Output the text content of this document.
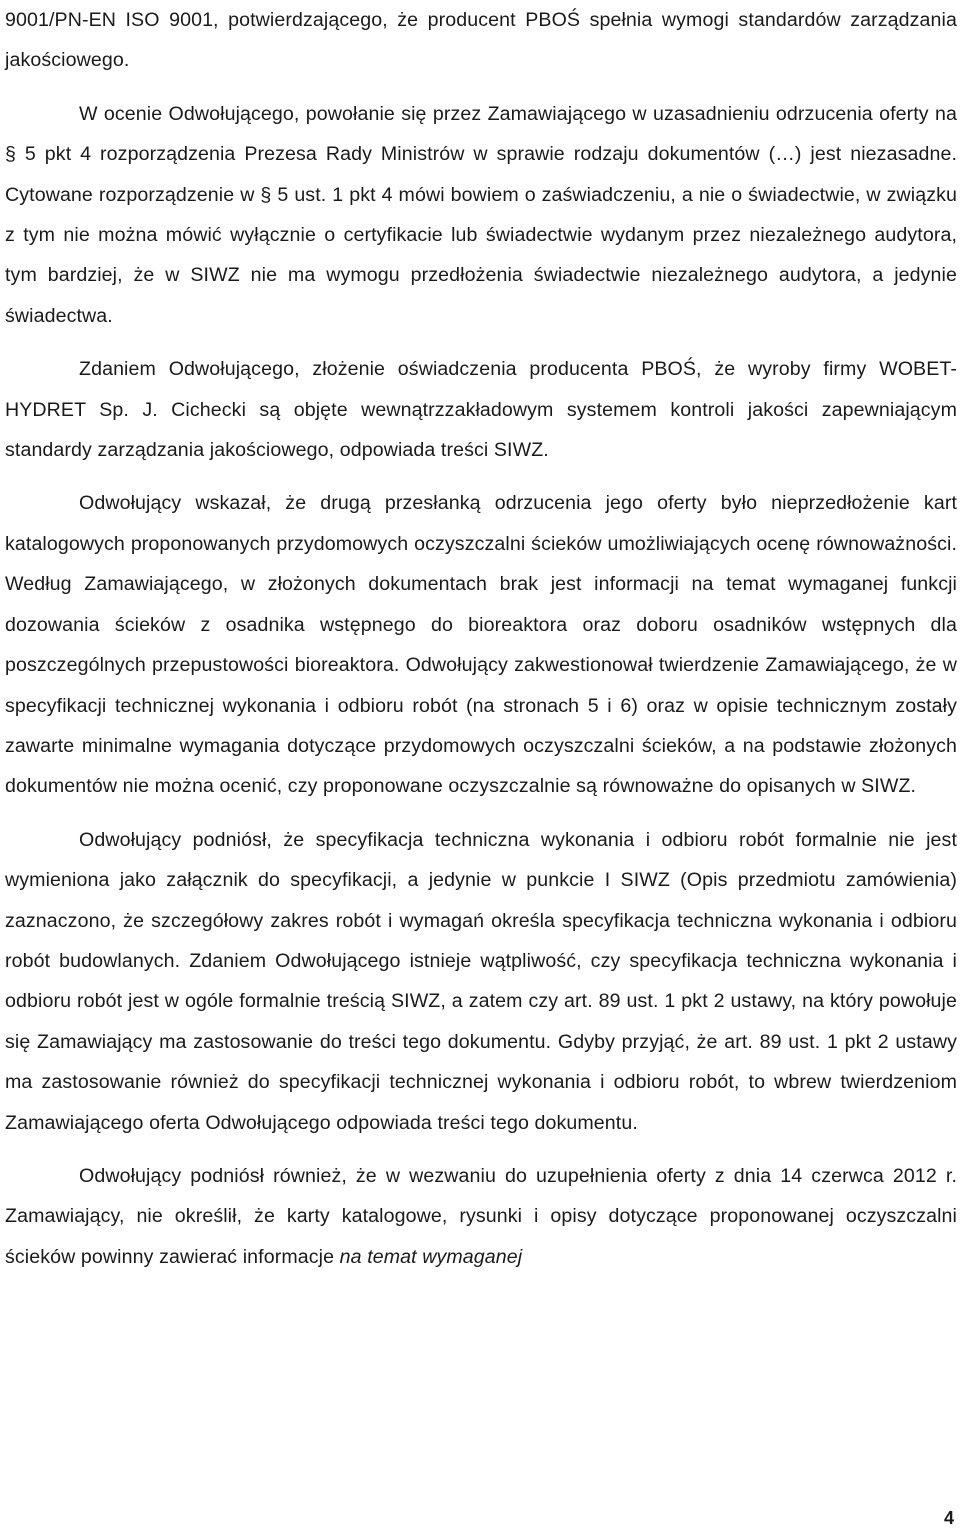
9001/PN-EN ISO 9001, potwierdzającego, że producent PBOŚ spełnia wymogi standardów zarządzania jakościowego.

W ocenie Odwołującego, powołanie się przez Zamawiającego w uzasadnieniu odrzucenia oferty na § 5 pkt 4 rozporządzenia Prezesa Rady Ministrów w sprawie rodzaju dokumentów (…) jest niezasadne. Cytowane rozporządzenie w § 5 ust. 1 pkt 4 mówi bowiem o zaświadczeniu, a nie o świadectwie, w związku z tym nie można mówić wyłącznie o certyfikacie lub świadectwie wydanym przez niezależnego audytora, tym bardziej, że w SIWZ nie ma wymogu przedłożenia świadectwie niezależnego audytora, a jedynie świadectwa.

Zdaniem Odwołującego, złożenie oświadczenia producenta PBOŚ, że wyroby firmy WOBET-HYDRET Sp. J. Cichecki są objęte wewnątrzzakładowym systemem kontroli jakości zapewniającym standardy zarządzania jakościowego, odpowiada treści SIWZ.

Odwołujący wskazał, że drugą przesłanką odrzucenia jego oferty było nieprzedłożenie kart katalogowych proponowanych przydomowych oczyszczalni ścieków umożliwiających ocenę równoważności. Według Zamawiającego, w złożonych dokumentach brak jest informacji na temat wymaganej funkcji dozowania ścieków z osadnika wstępnego do bioreaktora oraz doboru osadników wstępnych dla poszczególnych przepustowości bioreaktora. Odwołujący zakwestionował twierdzenie Zamawiającego, że w specyfikacji technicznej wykonania i odbioru robót (na stronach 5 i 6) oraz w opisie technicznym zostały zawarte minimalne wymagania dotyczące przydomowych oczyszczalni ścieków, a na podstawie złożonych dokumentów nie można ocenić, czy proponowane oczyszczalnie są równoważne do opisanych w SIWZ.

Odwołujący podniósł, że specyfikacja techniczna wykonania i odbioru robót formalnie nie jest wymieniona jako załącznik do specyfikacji, a jedynie w punkcie I SIWZ (Opis przedmiotu zamówienia) zaznaczono, że szczegółowy zakres robót i wymagań określa specyfikacja techniczna wykonania i odbioru robót budowlanych. Zdaniem Odwołującego istnieje wątpliwość, czy specyfikacja techniczna wykonania i odbioru robót jest w ogóle formalnie treścią SIWZ, a zatem czy art. 89 ust. 1 pkt 2 ustawy, na który powołuje się Zamawiający ma zastosowanie do treści tego dokumentu. Gdyby przyjąć, że art. 89 ust. 1 pkt 2 ustawy ma zastosowanie również do specyfikacji technicznej wykonania i odbioru robót, to wbrew twierdzeniom Zamawiającego oferta Odwołującego odpowiada treści tego dokumentu.

Odwołujący podniósł również, że w wezwaniu do uzupełnienia oferty z dnia 14 czerwca 2012 r. Zamawiający, nie określił, że karty katalogowe, rysunki i opisy dotyczące proponowanej oczyszczalni ścieków powinny zawierać informacje na temat wymaganej

4
